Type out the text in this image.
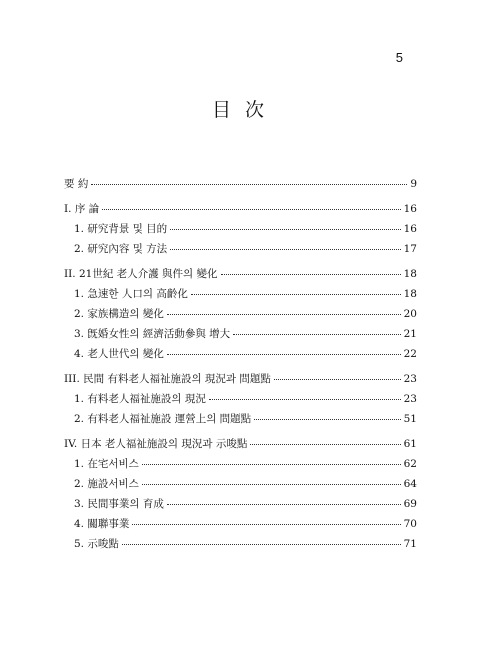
5
目 次
要 約	9
I. 序 論	16
1. 研究背景 및 目的	16
2. 研究內容 및 方法	17
II. 21世紀 老人介護 與件의 變化	18
1. 急速한 人口의 高齡化	18
2. 家族構造의 變化	20
3. 旣婚女性의 經濟活動參與 增大	21
4. 老人世代의 變化	22
III. 民間 有料老人福祉施設의 現況과 問題點	23
1. 有料老人福祉施設의 現況	23
2. 有料老人福祉施設 運營上의 問題點	51
IV. 日本 老人福祉施設의 現況과 示唆點	61
1. 在宅서비스	62
2. 施設서비스	64
3. 民間事業의 育成	69
4. 關聯事業	70
5. 示唆點	71
